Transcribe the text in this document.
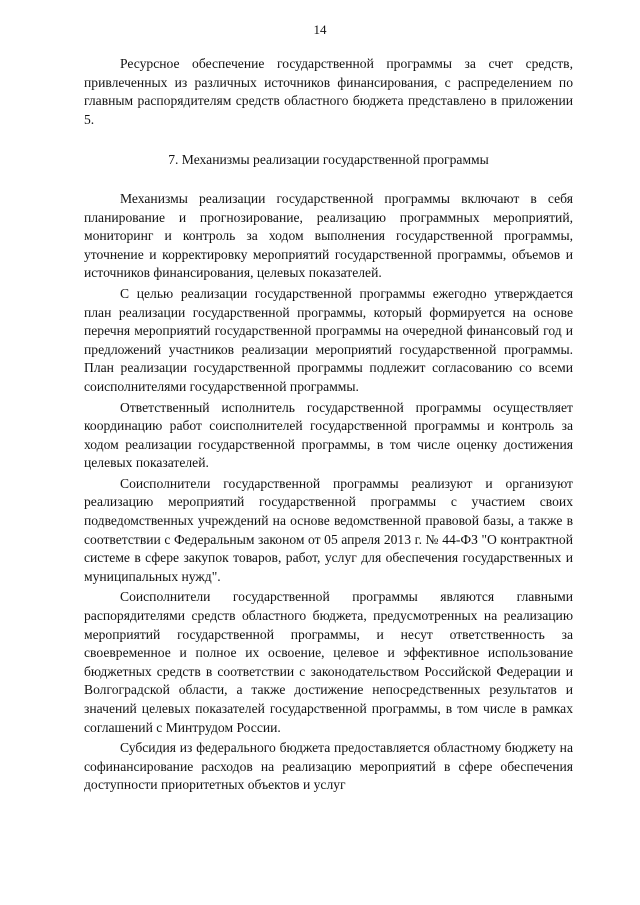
14

Ресурсное обеспечение государственной программы за счет средств, привлеченных из различных источников финансирования, с распределением по главным распорядителям средств областного бюджета представлено в приложении 5.

7. Механизмы реализации государственной программы

Механизмы реализации государственной программы включают в себя планирование и прогнозирование, реализацию программных мероприятий, мониторинг и контроль за ходом выполнения государственной программы, уточнение и корректировку мероприятий государственной программы, объемов и источников финансирования, целевых показателей.

С целью реализации государственной программы ежегодно утверждается план реализации государственной программы, который формируется на основе перечня мероприятий государственной программы на очередной финансовый год и предложений участников реализации мероприятий государственной программы. План реализации государственной программы подлежит согласованию со всеми соисполнителями государственной программы.

Ответственный исполнитель государственной программы осуществляет координацию работ соисполнителей государственной программы и контроль за ходом реализации государственной программы, в том числе оценку достижения целевых показателей.

Соисполнители государственной программы реализуют и организуют реализацию мероприятий государственной программы с участием своих подведомственных учреждений на основе ведомственной правовой базы, а также в соответствии с Федеральным законом от 05 апреля 2013 г. № 44-ФЗ "О контрактной системе в сфере закупок товаров, работ, услуг для обеспечения государственных и муниципальных нужд".

Соисполнители государственной программы являются главными распорядителями средств областного бюджета, предусмотренных на реализацию мероприятий государственной программы, и несут ответственность за своевременное и полное их освоение, целевое и эффективное использование бюджетных средств в соответствии с законодательством Российской Федерации и Волгоградской области, а также достижение непосредственных результатов и значений целевых показателей государственной программы, в том числе в рамках соглашений с Минтрудом России.

Субсидия из федерального бюджета предоставляется областному бюджету на софинансирование расходов на реализацию мероприятий в сфере обеспечения доступности приоритетных объектов и услуг
